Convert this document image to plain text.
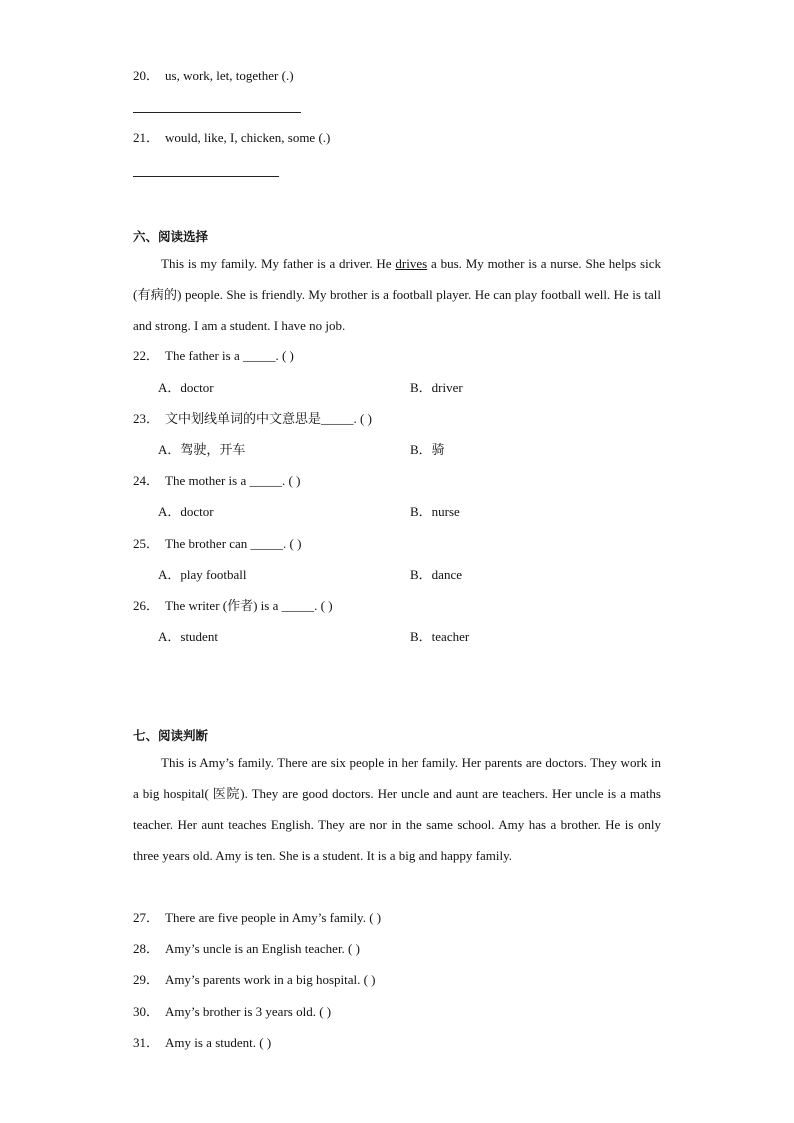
20． us, work, let, together (.)
21． would, like, I, chicken, some (.)
六、阅读选择

This is my family. My father is a driver. He drives a bus. My mother is a nurse. She helps sick (有病的) people. She is friendly. My brother is a football player. He can play football well. He is tall and strong. I am a student. I have no job.

22． The father is a _____. ( )
A．doctor	B．driver
23． 文中划线单词的中文意思是_____. ( )
A．驾驶，开车	B．骑
24． The mother is a _____. ( )
A．doctor	B．nurse
25． The brother can _____. ( )
A．play football	B．dance
26． The writer (作者) is a _____. ( )
A．student	B．teacher
七、阅读判断

This is Amy’s family. There are six people in her family. Her parents are doctors. They work in a big hospital( 医院). They are good doctors. Her uncle and aunt are teachers. Her uncle is a maths teacher. Her aunt teaches English. They are nor in the same school. Amy has a brother. He is only three years old. Amy is ten. She is a student. It is a big and happy family.

27． There are five people in Amy’s family. ( )
28． Amy’s uncle is an English teacher. ( )
29． Amy’s parents work in a big hospital. ( )
30． Amy’s brother is 3 years old. ( )
31． Amy is a student. ( )
